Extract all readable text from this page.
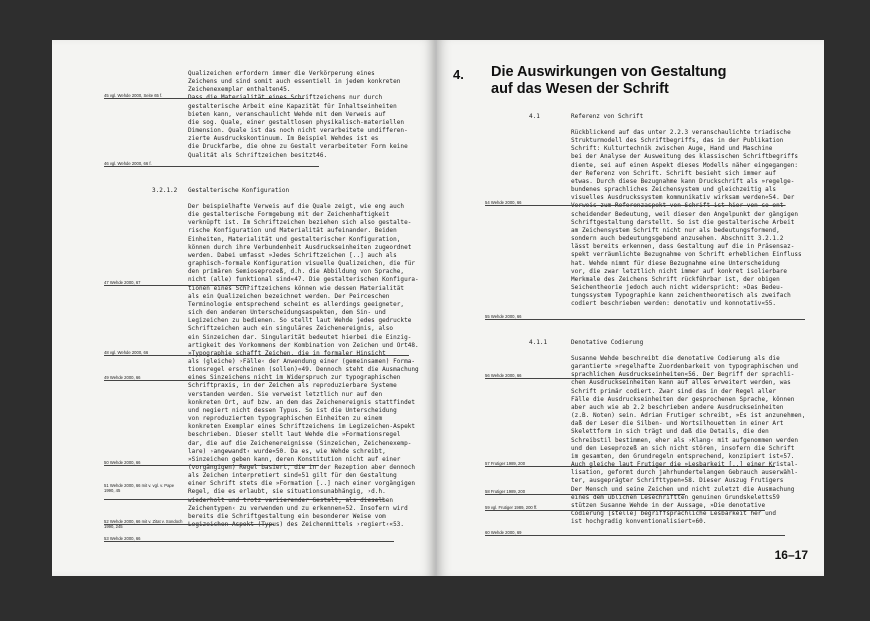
Qualizeichen erfordern immer die Verkörperung eines
Zeichens und sind somit auch essentiell in jedem konkreten
Zeichenexemplar enthalten45.
Dass die Materialität eines Schriftzeichens nur durch
gestalterische Arbeit eine Kapazität für Inhaltseinheiten
bieten kann, veranschaulicht Wehde mit dem Verweis auf
die sog. Quale, einer gestaltlosen physikalisch-materiellen
Dimension. Quale ist das noch nicht verarbeitete undifferen-
zierte Ausdruckskontinuum. Im Beispiel Wehdes ist es
die Druckfarbe, die ohne zu Gestalt verarbeiteter Form keine
Qualität als Schriftzeichen besitzt46.
3.2.1.2 Gestalterische Konfiguration
Der beispielhafte Verweis auf die Quale zeigt, wie eng auch
die gestalterische Formgebung mit der Zeichenhaftigkeit
verknüpft ist. Im Schriftzeichen beziehen sich also gestalte-
rische Konfiguration und Materialität aufeinander. Beiden
Einheiten, Materialität und gestalterischer Konfiguration,
können durch ihre Verbundenheit Ausdruckseinheiten zugeordnet
werden. Dabei umfasst »Jedes Schriftzeichen [..] auch als
graphisch-formale Konfiguration visuelle Qualizeichen, die für
den primären Semioseprozeß, d.h. die Abbildung von Sprache,
nicht (alle) funktional sind«47. Die gestalterischen Konfigura-
tionen eines Schriftzeichens können wie dessen Materialität
als ein Qualizeichen bezeichnet werden. Der Peirceschen
Terminologie entsprechend scheint es allerdings geeigneter,
sich den anderen Unterscheidungsaspekten, dem Sin- und
Legizeichen zu bedienen. So stellt laut Wehde jedes gedruckte
Schriftzeichen auch ein singuläres Zeichenereignis, also
ein Sinzeichen dar. Singularität bedeutet hierbei die Einzig-
artigkeit des Vorkommens der Kombination von Zeichen und Ort48.
»Typographie schafft Zeichen, die in formaler Hinsicht
als (gleiche) ›Fälle‹ der Anwendung einer (gemeinsamen) Forma-
tionsregel erscheinen (sollen)«49. Dennoch steht die Ausmachung
eines Sinzeichens nicht im Widerspruch zur typographischen
Schriftpraxis, in der Zeichen als reproduzierbare Systeme
verstanden werden. Sie verweist letztlich nur auf den
konkreten Ort, auf bzw. an dem das Zeichenereignis stattfindet
und negiert nicht dessen Typus. So ist die Unterscheidung
von reproduzierten typographischen Einheiten zu einem
konkreten Exemplar eines Schriftzeichens im Legizeichen-Aspekt
beschrieben. Dieser stellt laut Wehde die »Formationsregel
dar, die auf die Zeichenereignisse (Sinzeichen, Zeichenexemp-
lare) ›angewandt‹ wurde«50. Da es, wie Wehde schreibt,
»Sinzeichen geben kann, deren Konstitution nicht auf einer
(vorgängigen) Regel basiert, die in der Rezeption aber dennoch
als Zeichen interpretiert sind«51 gilt für den Gestaltung
einer Schrift stets die »Formation [..] nach einer vorgängigen
Regel, die es erlaubt, sie situationsunabhängig, ›d.h.
wiederholt und trotz variierender Gestalt, als dieselben
Zeichentypen‹ zu verwenden und zu erkennen«52. Insofern wird
bereits die Schriftgestaltung ein besonderer Weise vom
Legizeichen-Aspekt (Typus) des Zeichenmittels ›regiert‹«53.
45 vgl. Wehde 2000, Seite 65 f.
46 vgl. Wehde 2000, 66 f.
47 Wehde 2000, 67
48 vgl. Wehde 2000, 66
49 Wehde 2000, 66
50 Wehde 2000, 66
51 Wehde 2000, 66 mit v. vgl. v. Pape 1990, 45
52 Wehde 2000, 66 mit v. Zitat v. Sondoch 1990, 245
53 Wehde 2000, 66
4. Die Auswirkungen von Gestaltung
auf das Wesen der Schrift
4.1	Referenz von Schrift
Rückblickend auf das unter 2.2.3 veranschaulichte triadische
Strukturmodell des Schriftbegriffs, das in der Publikation
Schrift: Kulturtechnik zwischen Auge, Hand und Maschine
bei der Analyse der Ausweitung des klassischen Schriftbegriffs
diente, sei auf einen Aspekt dieses Modells näher eingegangen:
der Referenz von Schrift. Schrift besieht sich immer auf
etwas. Durch diese Bezugnahme kann Druckschrift als »regelge-
bundenes sprachliches Zeichensystem und gleichzeitig als
visuelles Ausdruckssystem kommunikativ wirksam werden«54. Der
Verweis zum Referenzaspekt von Schrift ist hier von so ent-
scheidender Bedeutung, weil dieser den Angelpunkt der gängigen
Schriftgestaltung darstellt. So ist die gestalterische Arbeit
am Zeichensystem Schrift nicht nur als bedeutungsformend,
sondern auch bedeutungsgebend anzusehen. Abschnitt 3.2.1.2
lässt bereits erkennen, dass Gestaltung auf die in Präsensaz-
spekt verräumlichte Bezugnahme von Schrift erheblichen Einfluss
hat. Wehde nimmt für diese Bezugnahme eine Unterscheidung
vor, die zwar letztlich nicht immer auf konkret isolierbare
Merkmale des Zeichens Schrift rückführbar ist, der obigen
Seichentheorie jedoch auch nicht widerspricht: »Das Bedeu-
tungssystem Typographie kann zeichentheoretisch als zweifach
codiert beschrieben werden: denotativ und konnotativ«55.
4.1.1	Denotative Codierung
Susanne Wehde beschreibt die denotative Codierung als die
garantierte »regelhafte Zuordenbarkeit von typographischen und
sprachlichen Ausdruckseinheiten«56. Der Begriff der sprachli-
chen Ausdruckseinheiten kann auf alles erweitert werden, was
Schrift primär codiert. Zwar sind das in der Regel aller
Fälle die Ausdruckseinheiten der gesprochenen Sprache, können
aber auch wie ab 2.2 beschrieben andere Ausdruckseinheiten
(z.B. Noten) sein. Adrian Frutiger schreibt, »Es ist anzunehmen,
daß der Leser die Silben- und Wortsilhouetten in einer Art
Skelettform in sich trägt und daß die Details, die den
Schreibstil bestimmen, eher als ›Klang‹ mit aufgenommen werden
und den Leseprozeß an sich nicht stören, insofern die Schrift
im gesamten, den Grundregeln entsprechend, konzipiert ist«57.
Auch gleiche laut Frutiger die »Lesbarkeit [..] einer Kristal-
lisation, geformt durch jahrhundertelangen Gebrauch auserwähl-
ter, ausgeprägter Schrifttypen«58. Dieser Auszug Frutigers
Der Mensch und seine Zeichen und nicht zuletzt die Ausmachung
eines dem üblichen Lesechriftten genuinen Grundskeletts59
stützen Susanne Wehde in der Aussage, »Die denotative
Codierung [stelle] begriffsprachliche Lesbarkeit her und
ist hochgradig konventionalisiert«60.
54 Wehde 2000, 66
55 Wehde 2000, 66
56 Wehde 2000, 66
57 Frutiger 1989, 200
58 Frutiger 1989, 200
59 vgl. Frutiger 1989, 200 ff.
60 Wehde 2000, 69
16–17
